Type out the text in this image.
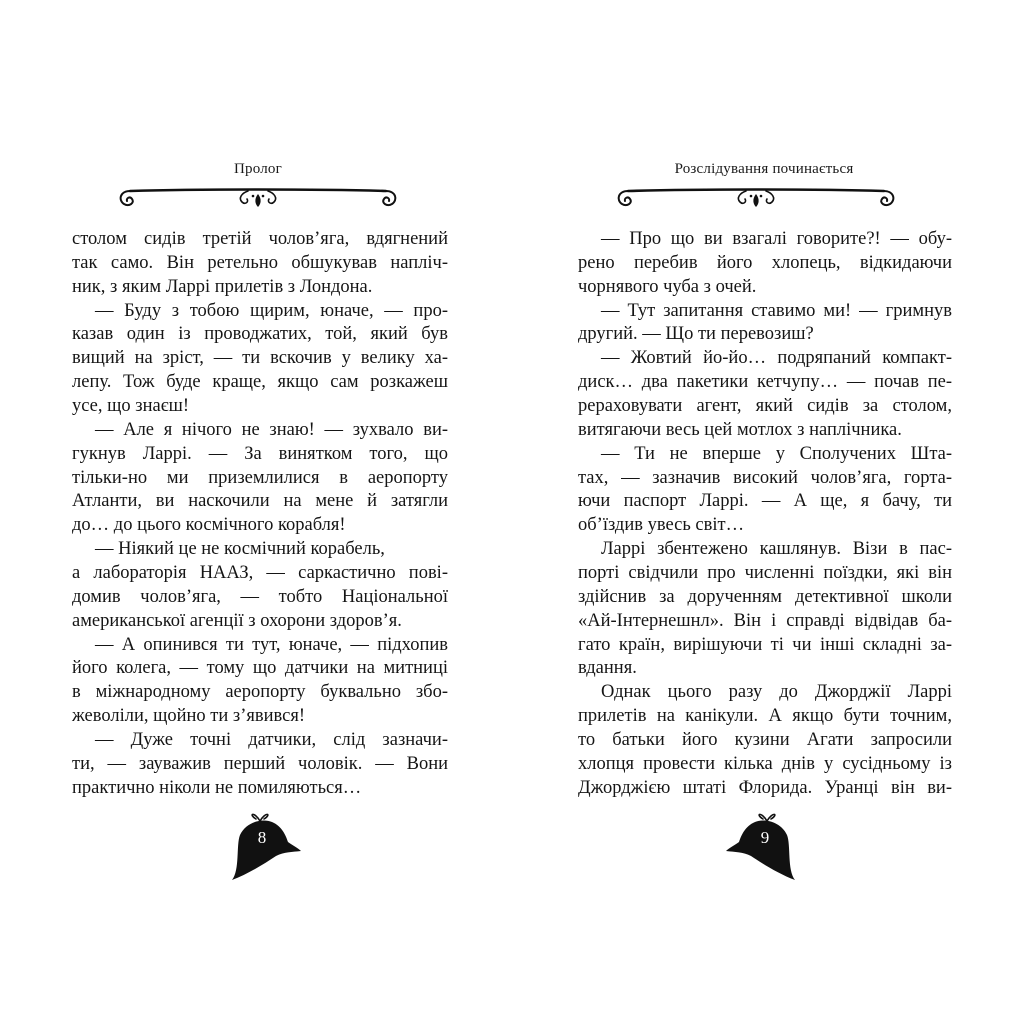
Пролог
столом сидів третій чоловʼяга, вдягнений
так само. Він ретельно обшукував напліч-
ник, з яким Ларрі прилетів з Лондона.
— Буду з тобою щирим, юначе, — про-
казав один із проводжатих, той, який був
вищий на зріст, — ти вскочив у велику ха-
лепу. Тож буде краще, якщо сам розкажеш
усе, що знаєш!
— Але я нічого не знаю! — зухвало ви-
гукнув Ларрі. — За винятком того, що
тільки-но ми приземлилися в аеропорту
Атланти, ви наскочили на мене й затягли
до… до цього космічного корабля!
— Ніякий це не космічний корабель,
а лабораторія НААЗ, — саркастично пові-
домив чоловʼяга, — тобто Національної
американської агенції з охорони здоровʼя.
— А опинився ти тут, юначе, — підхопив
його колега, — тому що датчики на митниці
в міжнародному аеропорту буквально збо-
жеволіли, щойно ти зʼявився!
— Дуже точні датчики, слід зазначи-
ти, — зауважив перший чоловік. — Вони
практично ніколи не помиляються…
8
Розслідування починається
— Про що ви взагалі говорите?! — обу-
рено перебив його хлопець, відкидаючи
чорнявого чуба з очей.
— Тут запитання ставимо ми! — гримнув
другий. — Що ти перевозиш?
— Жовтий йо-йо… подряпаний компакт-
диск… два пакетики кетчупу… — почав пе-
рераховувати агент, який сидів за столом,
витягаючи весь цей мотлох з наплічника.
— Ти не вперше у Сполучених Шта-
тах, — зазначив високий чоловʼяга, горта-
ючи паспорт Ларрі. — А ще, я бачу, ти
обʼїздив увесь світ…
Ларрі збентежено кашлянув. Візи в пас-
порті свідчили про численні поїздки, які він
здійснив за дорученням детективної школи
«Ай-Інтернешнл». Він і справді відвідав ба-
гато країн, вирішуючи ті чи інші складні за-
вдання.
Однак цього разу до Джорджії Ларрі
прилетів на канікули. А якщо бути точним,
то батьки його кузини Агати запросили
хлопця провести кілька днів у сусідньому із
Джорджією штаті Флорида. Уранці він ви-
9
